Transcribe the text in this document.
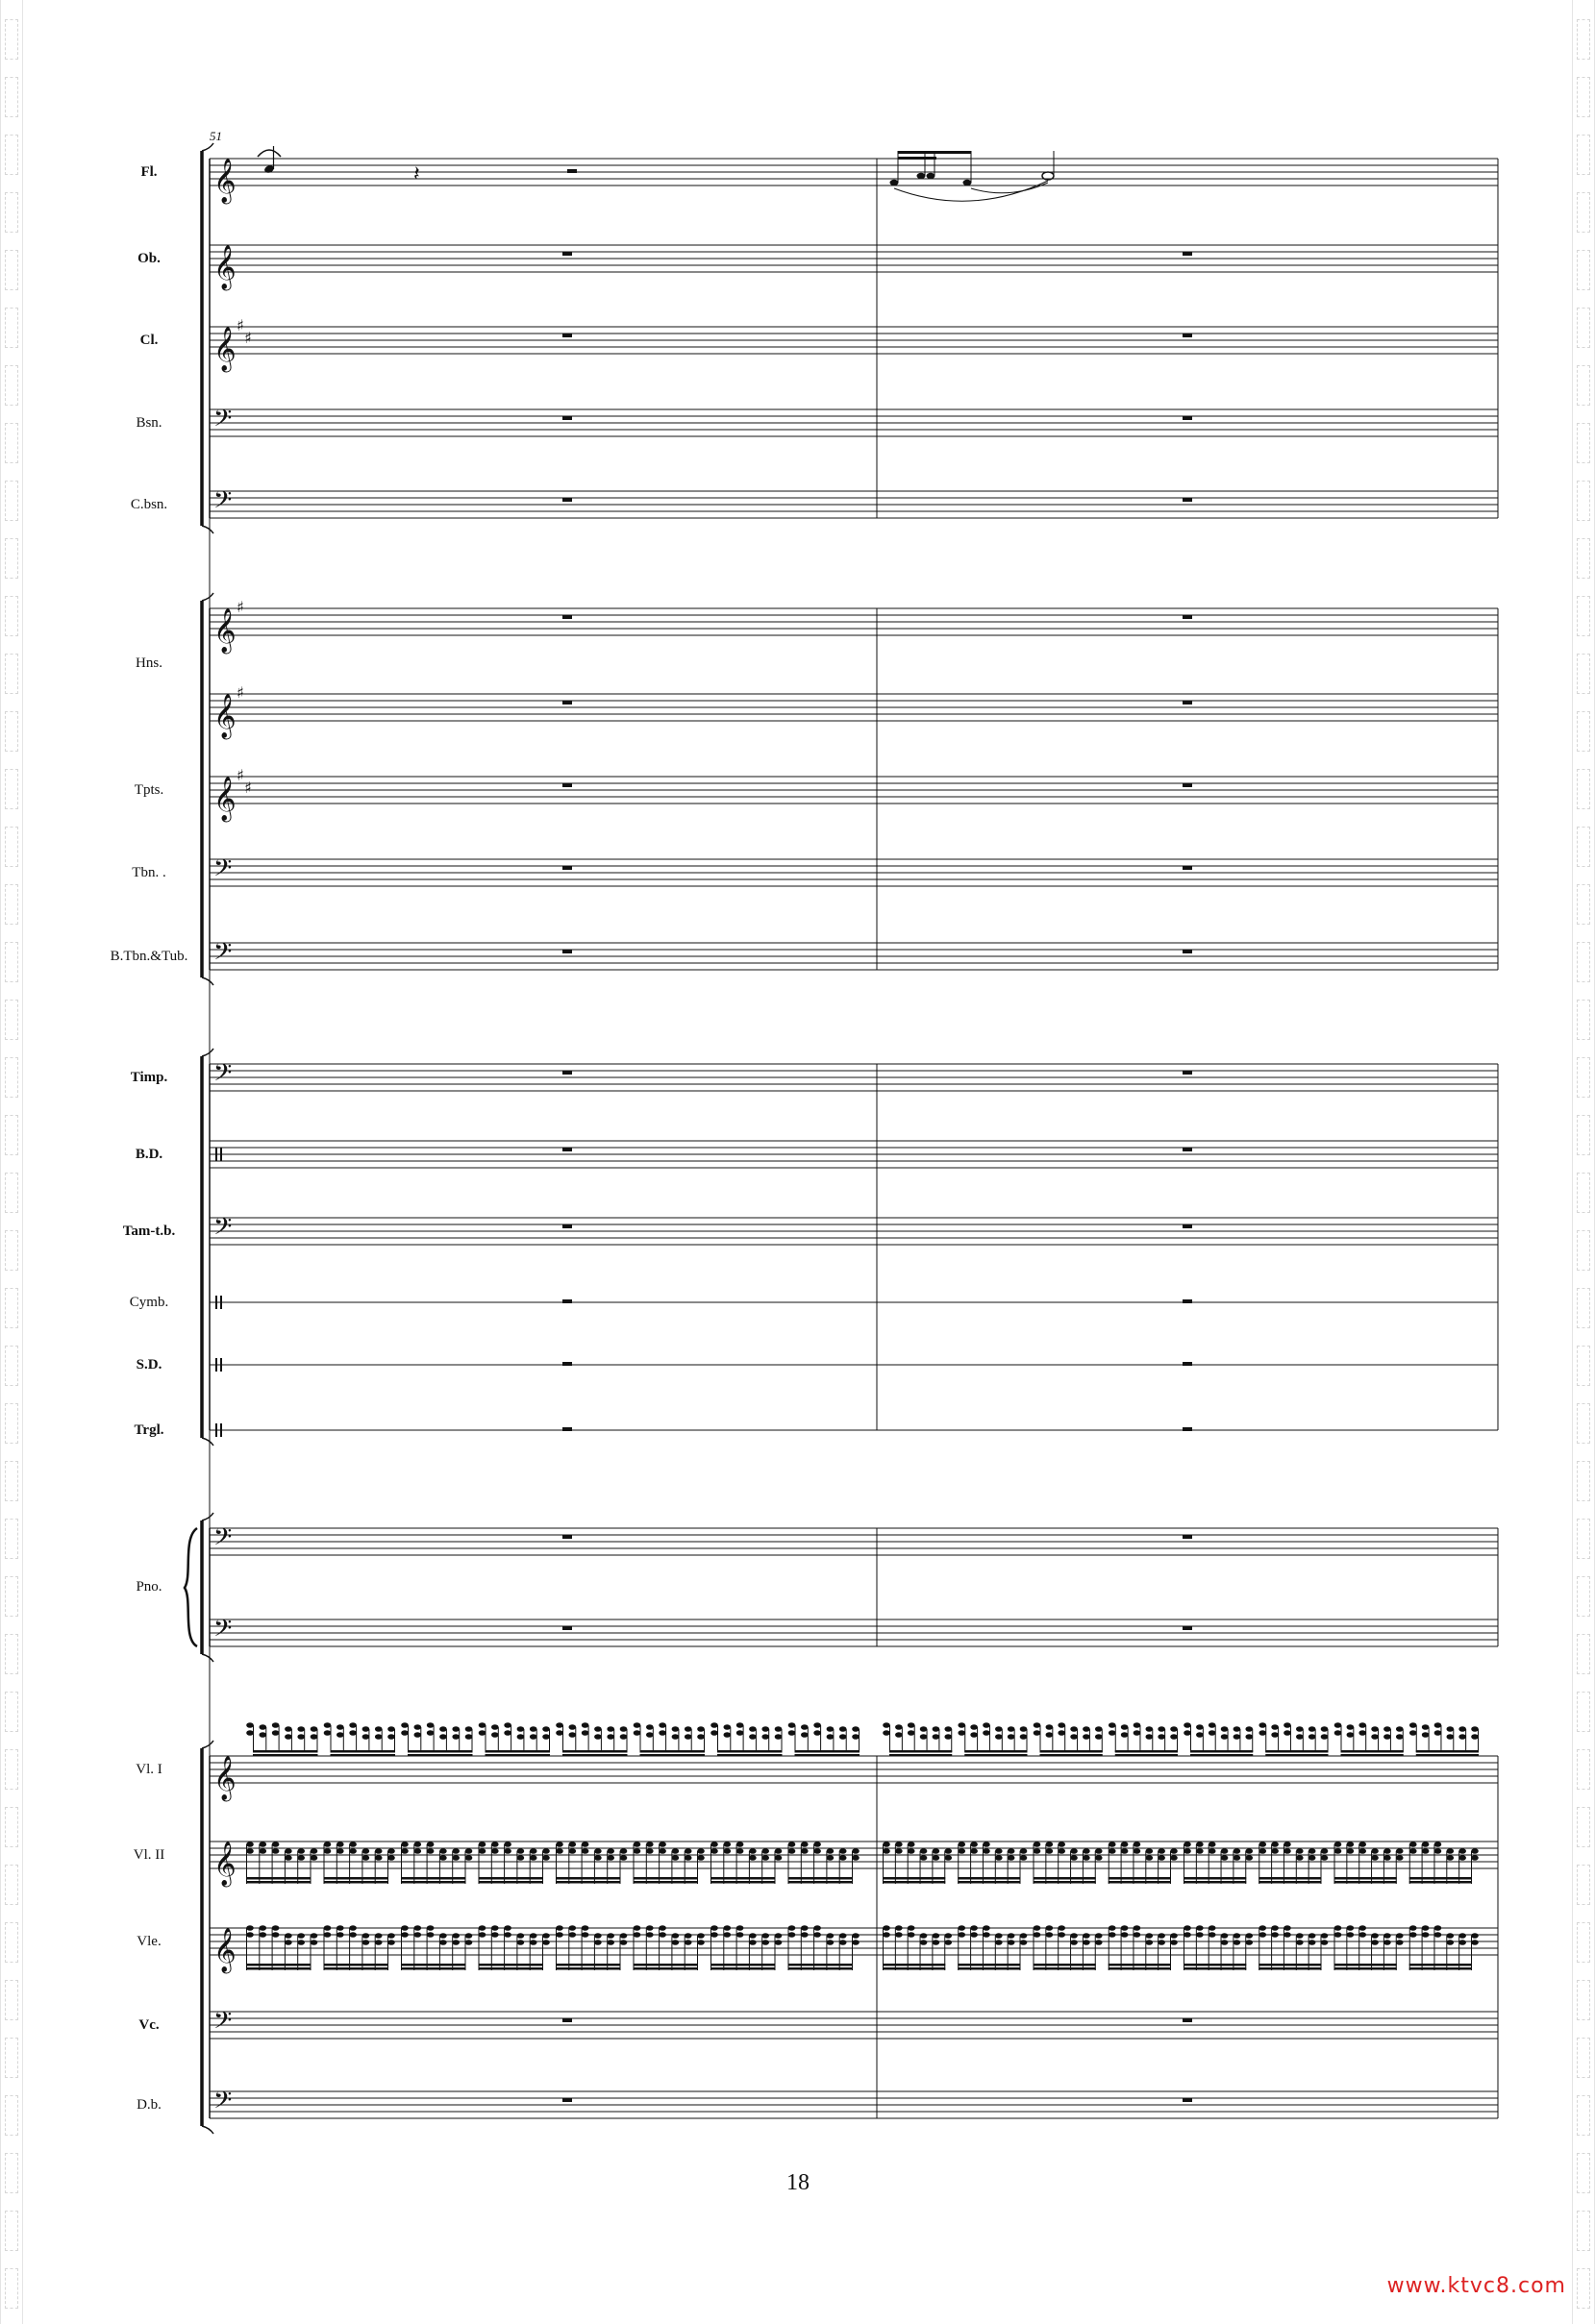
𝄞
𝄞
𝄞
♯
♯
𝄢
𝄢
𝄞
♯
𝄞
♯
𝄞
♯
♯
𝄢
𝄢
𝄢
𝄢
𝄢
𝄢
𝄞
𝄞
𝄞
𝄢
𝄢
𝄽
51
Fl.
Ob.
Cl.
Bsn.
C.bsn.
Hns.
Tpts.
Tbn. .
B.Tbn.&Tub.
Timp.
B.D.
Tam-t.b.
Cymb.
S.D.
Trgl.
Pno.
Vl. I
Vl. II
Vle.
Vc.
D.b.
18
www.ktvc8.com
